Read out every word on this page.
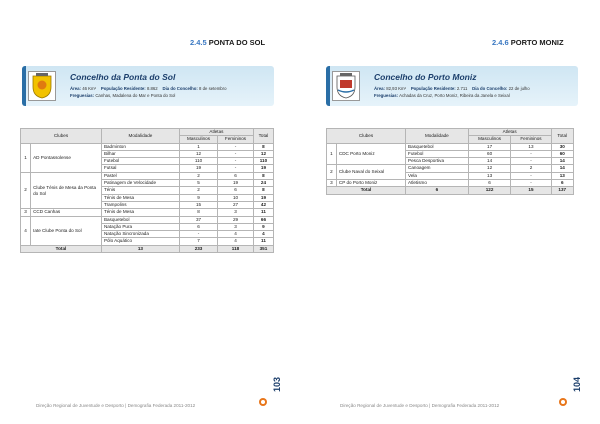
2.4.5 PONTA DO SOL
Concelho da Ponta do Sol
Área: 46 Km² População Residente: 8.862 Dia do Concelho: 8 de setembro
Freguesias: Canhas, Madalena do Mar e Ponta do Sol
Clubes		Modalidade	Atletas		Total
			Masculinos	Femininos	
1	AD Pontassolense	Badminton	1	-	8
		Bilhar	12	-	12
		Futebol	110	-	110
		Futsal	19	-	19
2	Clube Ténis de Mesa da Ponta do Sol	Pastel	2	6	8
		Patinagem de Velocidade	5	19	24
		Ténis	2	6	8
		Ténis de Mesa	9	10	19
		Trampolins	15	27	42
3	CCD Canhas	Ténis de Mesa	8	3	11
4	Iate Clube Ponta do Sol	Basquetebol	37	29	66
		Natação Pura	6	3	9
		Natação Sincronizada	-	4	4
		Pólo Aquático	7	4	11
Total		13	233	118	351
Direção Regional de Juventude e Desporto | Demografia Federada 2011-2012
103
2.4.6 PORTO MONIZ
Concelho do Porto Moniz
Área: 82,93 Km² População Residente: 2.711 Dia do Concelho: 22 de julho
Freguesias: Achadas da Cruz, Porto Moniz, Ribeira da Janela e Seixal
Clubes		Modalidade	Atletas		Total
			Masculinos	Femininos	
1	CDC Porto Moniz	Basquetebol	17	13	30
		Futebol	60	-	60
		Pesca Desportiva	14	-	14
2	Clube Naval do Seixal	Canoagem	12	2	14
		Vela	13	-	13
3	CP do Porto Moniz	Atletismo	6	-	6
Total		6	122	15	137
Direção Regional de Juventude e Desporto | Demografia Federada 2011-2012
104
